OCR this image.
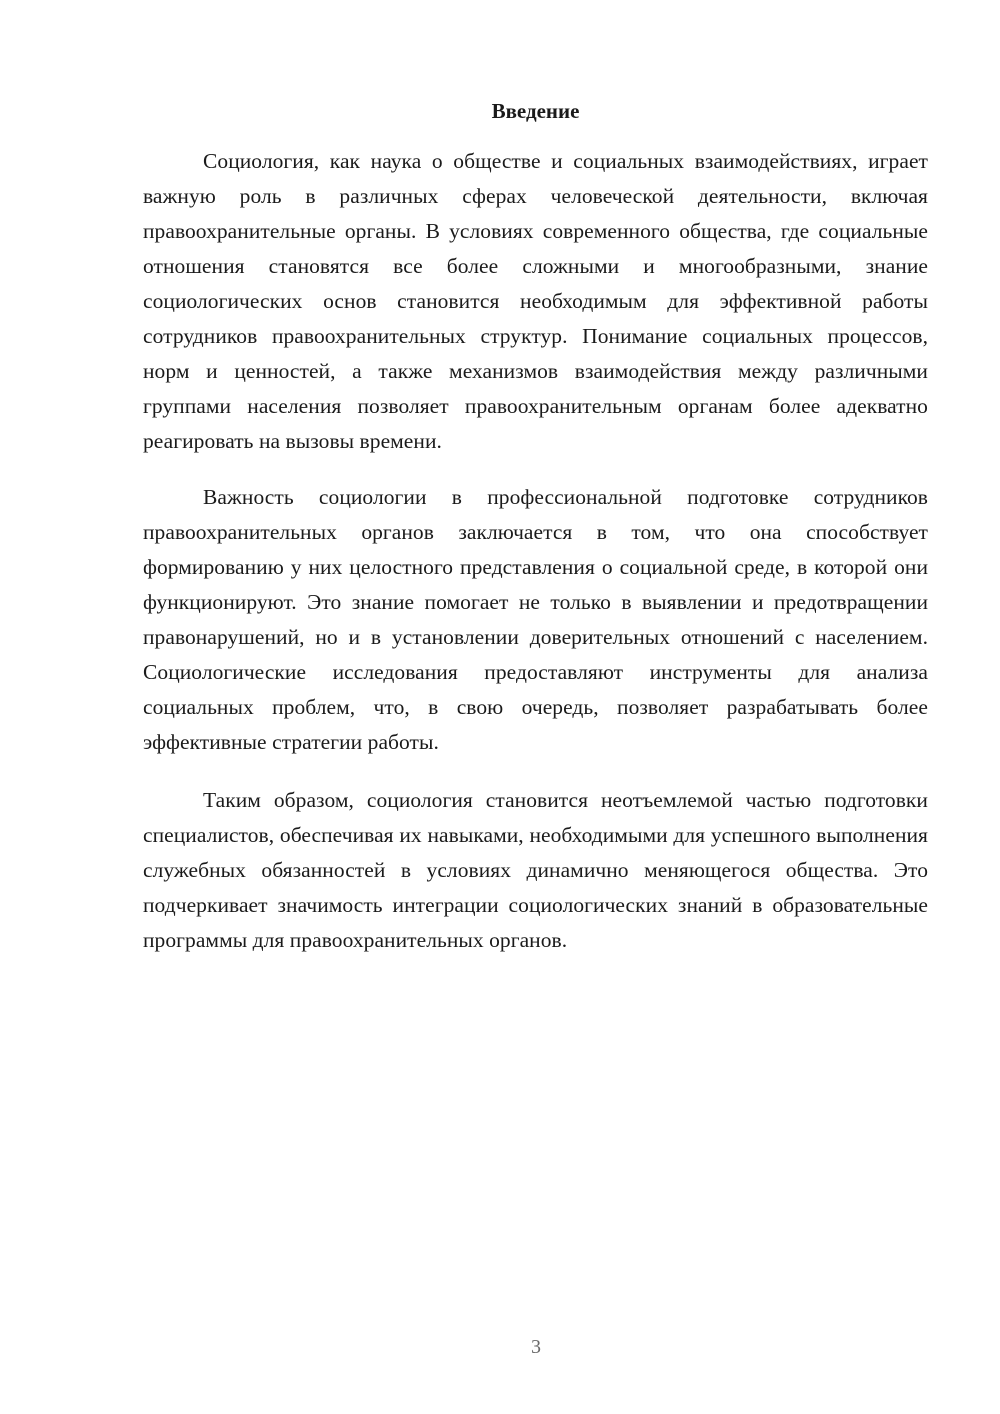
Введение

Социология, как наука о обществе и социальных взаимодействиях, играет важную роль в различных сферах человеческой деятельности, включая правоохранительные органы. В условиях современного общества, где социальные отношения становятся все более сложными и многообразными, знание социологических основ становится необходимым для эффективной работы сотрудников правоохранительных структур. Понимание социальных процессов, норм и ценностей, а также механизмов взаимодействия между различными группами населения позволяет правоохранительным органам более адекватно реагировать на вызовы времени.

Важность социологии в профессиональной подготовке сотрудников правоохранительных органов заключается в том, что она способствует формированию у них целостного представления о социальной среде, в которой они функционируют. Это знание помогает не только в выявлении и предотвращении правонарушений, но и в установлении доверительных отношений с населением. Социологические исследования предоставляют инструменты для анализа социальных проблем, что, в свою очередь, позволяет разрабатывать более эффективные стратегии работы.

Таким образом, социология становится неотъемлемой частью подготовки специалистов, обеспечивая их навыками, необходимыми для успешного выполнения служебных обязанностей в условиях динамично меняющегося общества. Это подчеркивает значимость интеграции социологических знаний в образовательные программы для правоохранительных органов.

3
